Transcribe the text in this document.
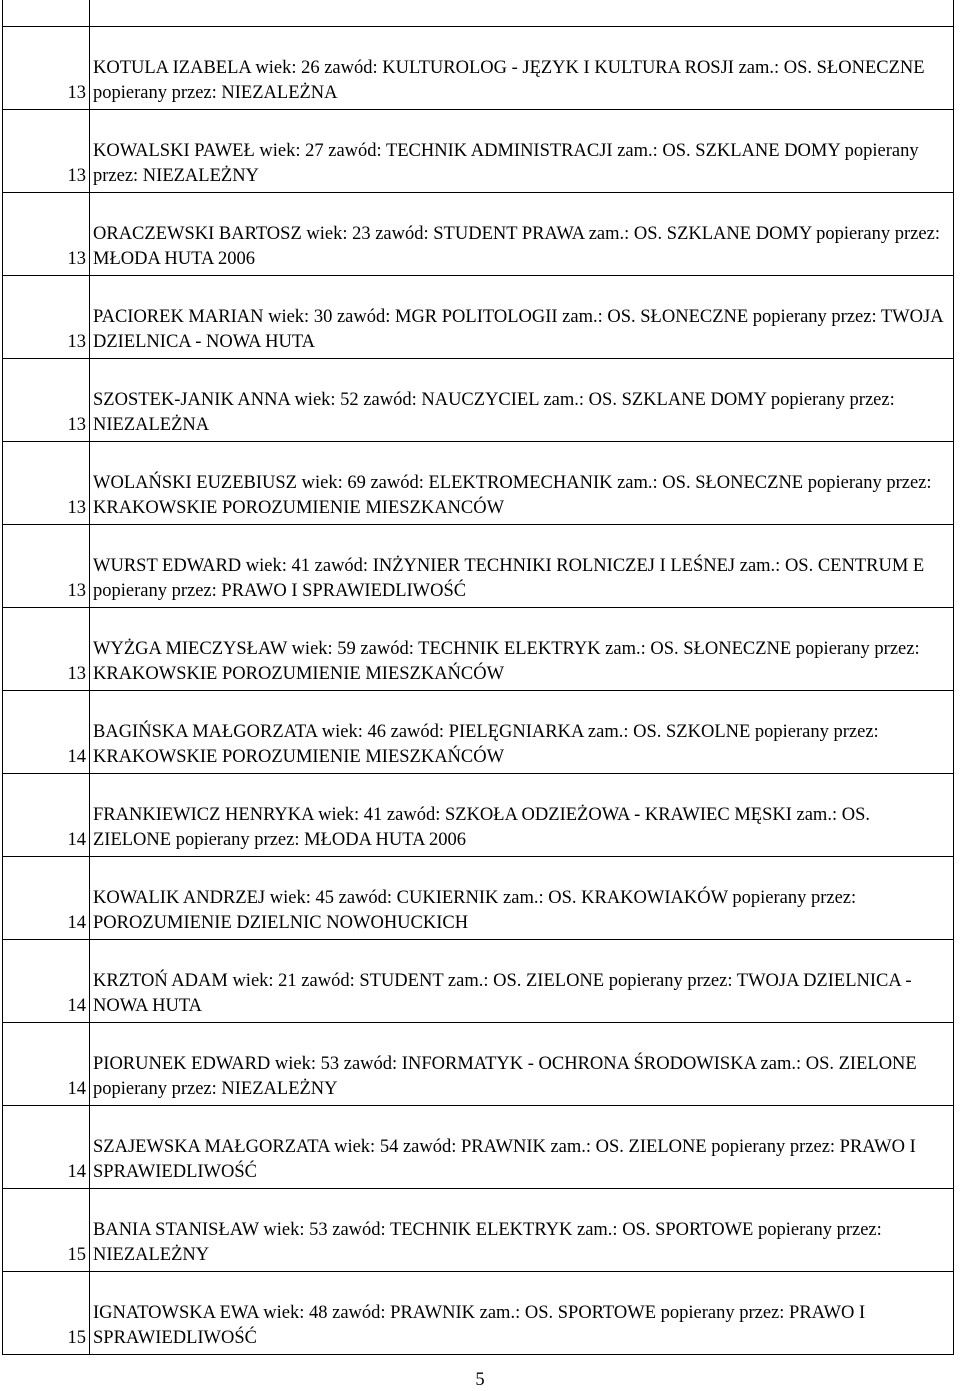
13	KOTULA IZABELA wiek: 26 zawód: KULTUROLOG - JĘZYK I KULTURA ROSJI zam.: OS. SŁONECZNE popierany przez: NIEZALEŻNA
13	KOWALSKI PAWEŁ wiek: 27 zawód: TECHNIK ADMINISTRACJI zam.: OS. SZKLANE DOMY popierany przez: NIEZALEŻNY
13	ORACZEWSKI BARTOSZ wiek: 23 zawód: STUDENT PRAWA zam.: OS. SZKLANE DOMY popierany przez: MŁODA HUTA 2006
13	PACIOREK MARIAN wiek: 30 zawód: MGR POLITOLOGII zam.: OS. SŁONECZNE popierany przez: TWOJA DZIELNICA - NOWA HUTA
13	SZOSTEK-JANIK ANNA wiek: 52 zawód: NAUCZYCIEL zam.: OS. SZKLANE DOMY popierany przez: NIEZALEŻNA
13	WOLAŃSKI EUZEBIUSZ wiek: 69 zawód: ELEKTROMECHANIK zam.: OS. SŁONECZNE popierany przez: KRAKOWSKIE POROZUMIENIE MIESZKANCÓW
13	WURST EDWARD wiek: 41 zawód: INŻYNIER TECHNIKI ROLNICZEJ I LEŚNEJ zam.: OS. CENTRUM E popierany przez: PRAWO I SPRAWIEDLIWOŚĆ
13	WYŻGA MIECZYSŁAW wiek: 59 zawód: TECHNIK ELEKTRYK zam.: OS. SŁONECZNE popierany przez: KRAKOWSKIE POROZUMIENIE MIESZKAŃCÓW
14	BAGIŃSKA MAŁGORZATA wiek: 46 zawód: PIELĘGNIARKA zam.: OS. SZKOLNE popierany przez: KRAKOWSKIE POROZUMIENIE MIESZKAŃCÓW
14	FRANKIEWICZ HENRYKA wiek: 41 zawód: SZKOŁA ODZIEŻOWA - KRAWIEC MĘSKI zam.: OS. ZIELONE popierany przez: MŁODA HUTA 2006
14	KOWALIK ANDRZEJ wiek: 45 zawód: CUKIERNIK zam.: OS. KRAKOWIAKÓW popierany przez: POROZUMIENIE DZIELNIC NOWOHUCKICH
14	KRZTOŃ ADAM wiek: 21 zawód: STUDENT zam.: OS. ZIELONE popierany przez: TWOJA DZIELNICA - NOWA HUTA
14	PIORUNEK EDWARD wiek: 53 zawód: INFORMATYK - OCHRONA ŚRODOWISKA zam.: OS. ZIELONE popierany przez: NIEZALEŻNY
14	SZAJEWSKA MAŁGORZATA wiek: 54 zawód: PRAWNIK zam.: OS. ZIELONE popierany przez: PRAWO I SPRAWIEDLIWOŚĆ
15	BANIA STANISŁAW wiek: 53 zawód: TECHNIK ELEKTRYK zam.: OS. SPORTOWE popierany przez: NIEZALEŻNY
15	IGNATOWSKA EWA wiek: 48 zawód: PRAWNIK zam.: OS. SPORTOWE popierany przez: PRAWO I SPRAWIEDLIWOŚĆ
5
